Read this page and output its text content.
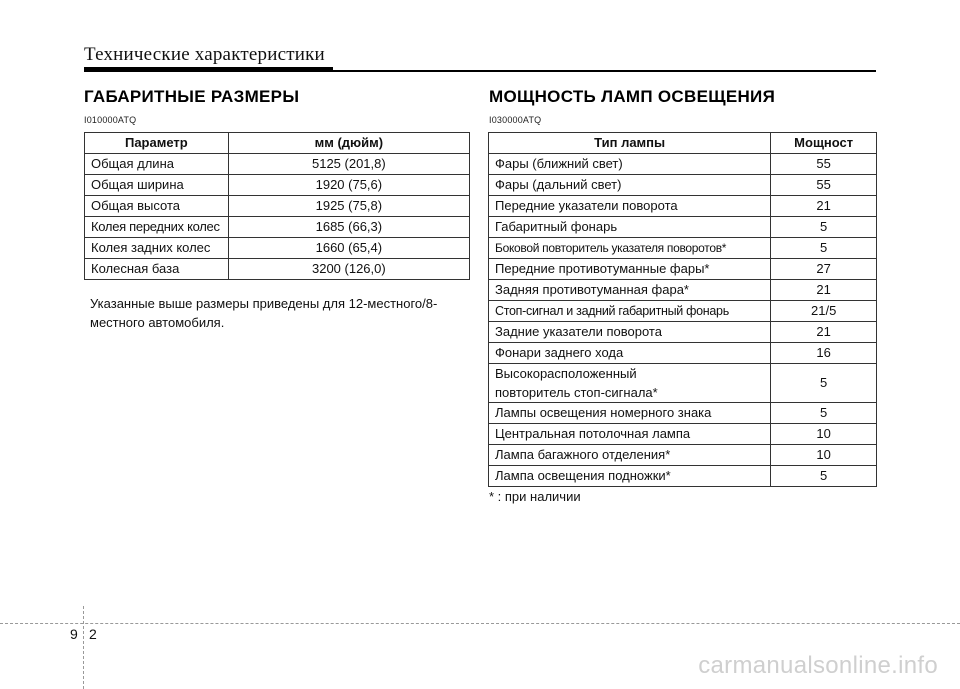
Технические характеристики
ГАБАРИТНЫЕ РАЗМЕРЫ
I010000ATQ
Параметр	мм (дюйм)
Общая длина	5125 (201,8)
Общая ширина	1920 (75,6)
Общая высота	1925 (75,8)
Колея передних колес	1685 (66,3)
Колея задних колес	1660 (65,4)
Колесная база	3200 (126,0)
Указанные выше размеры приведены для 12-местного/8-местного автомобиля.
МОЩНОСТЬ ЛАМП ОСВЕЩЕНИЯ
I030000ATQ
Тип лампы	Мощност
Фары (ближний свет)	55
Фары (дальний свет)	55
Передние указатели поворота	21
Габаритный фонарь	5
Боковой повторитель указателя поворотов*	5
Передние противотуманные фары*	27
Задняя противотуманная фара*	21
Стоп-сигнал и задний габаритный фонарь	21/5
Задние указатели поворота	21
Фонари заднего хода	16
Высокорасположенный повторитель стоп-сигнала*	5
Лампы освещения номерного знака	5
Центральная потолочная лампа	10
Лампа багажного отделения*	10
Лампа освещения подножки*	5
* : при наличии
9 2
carmanualsonline.info
